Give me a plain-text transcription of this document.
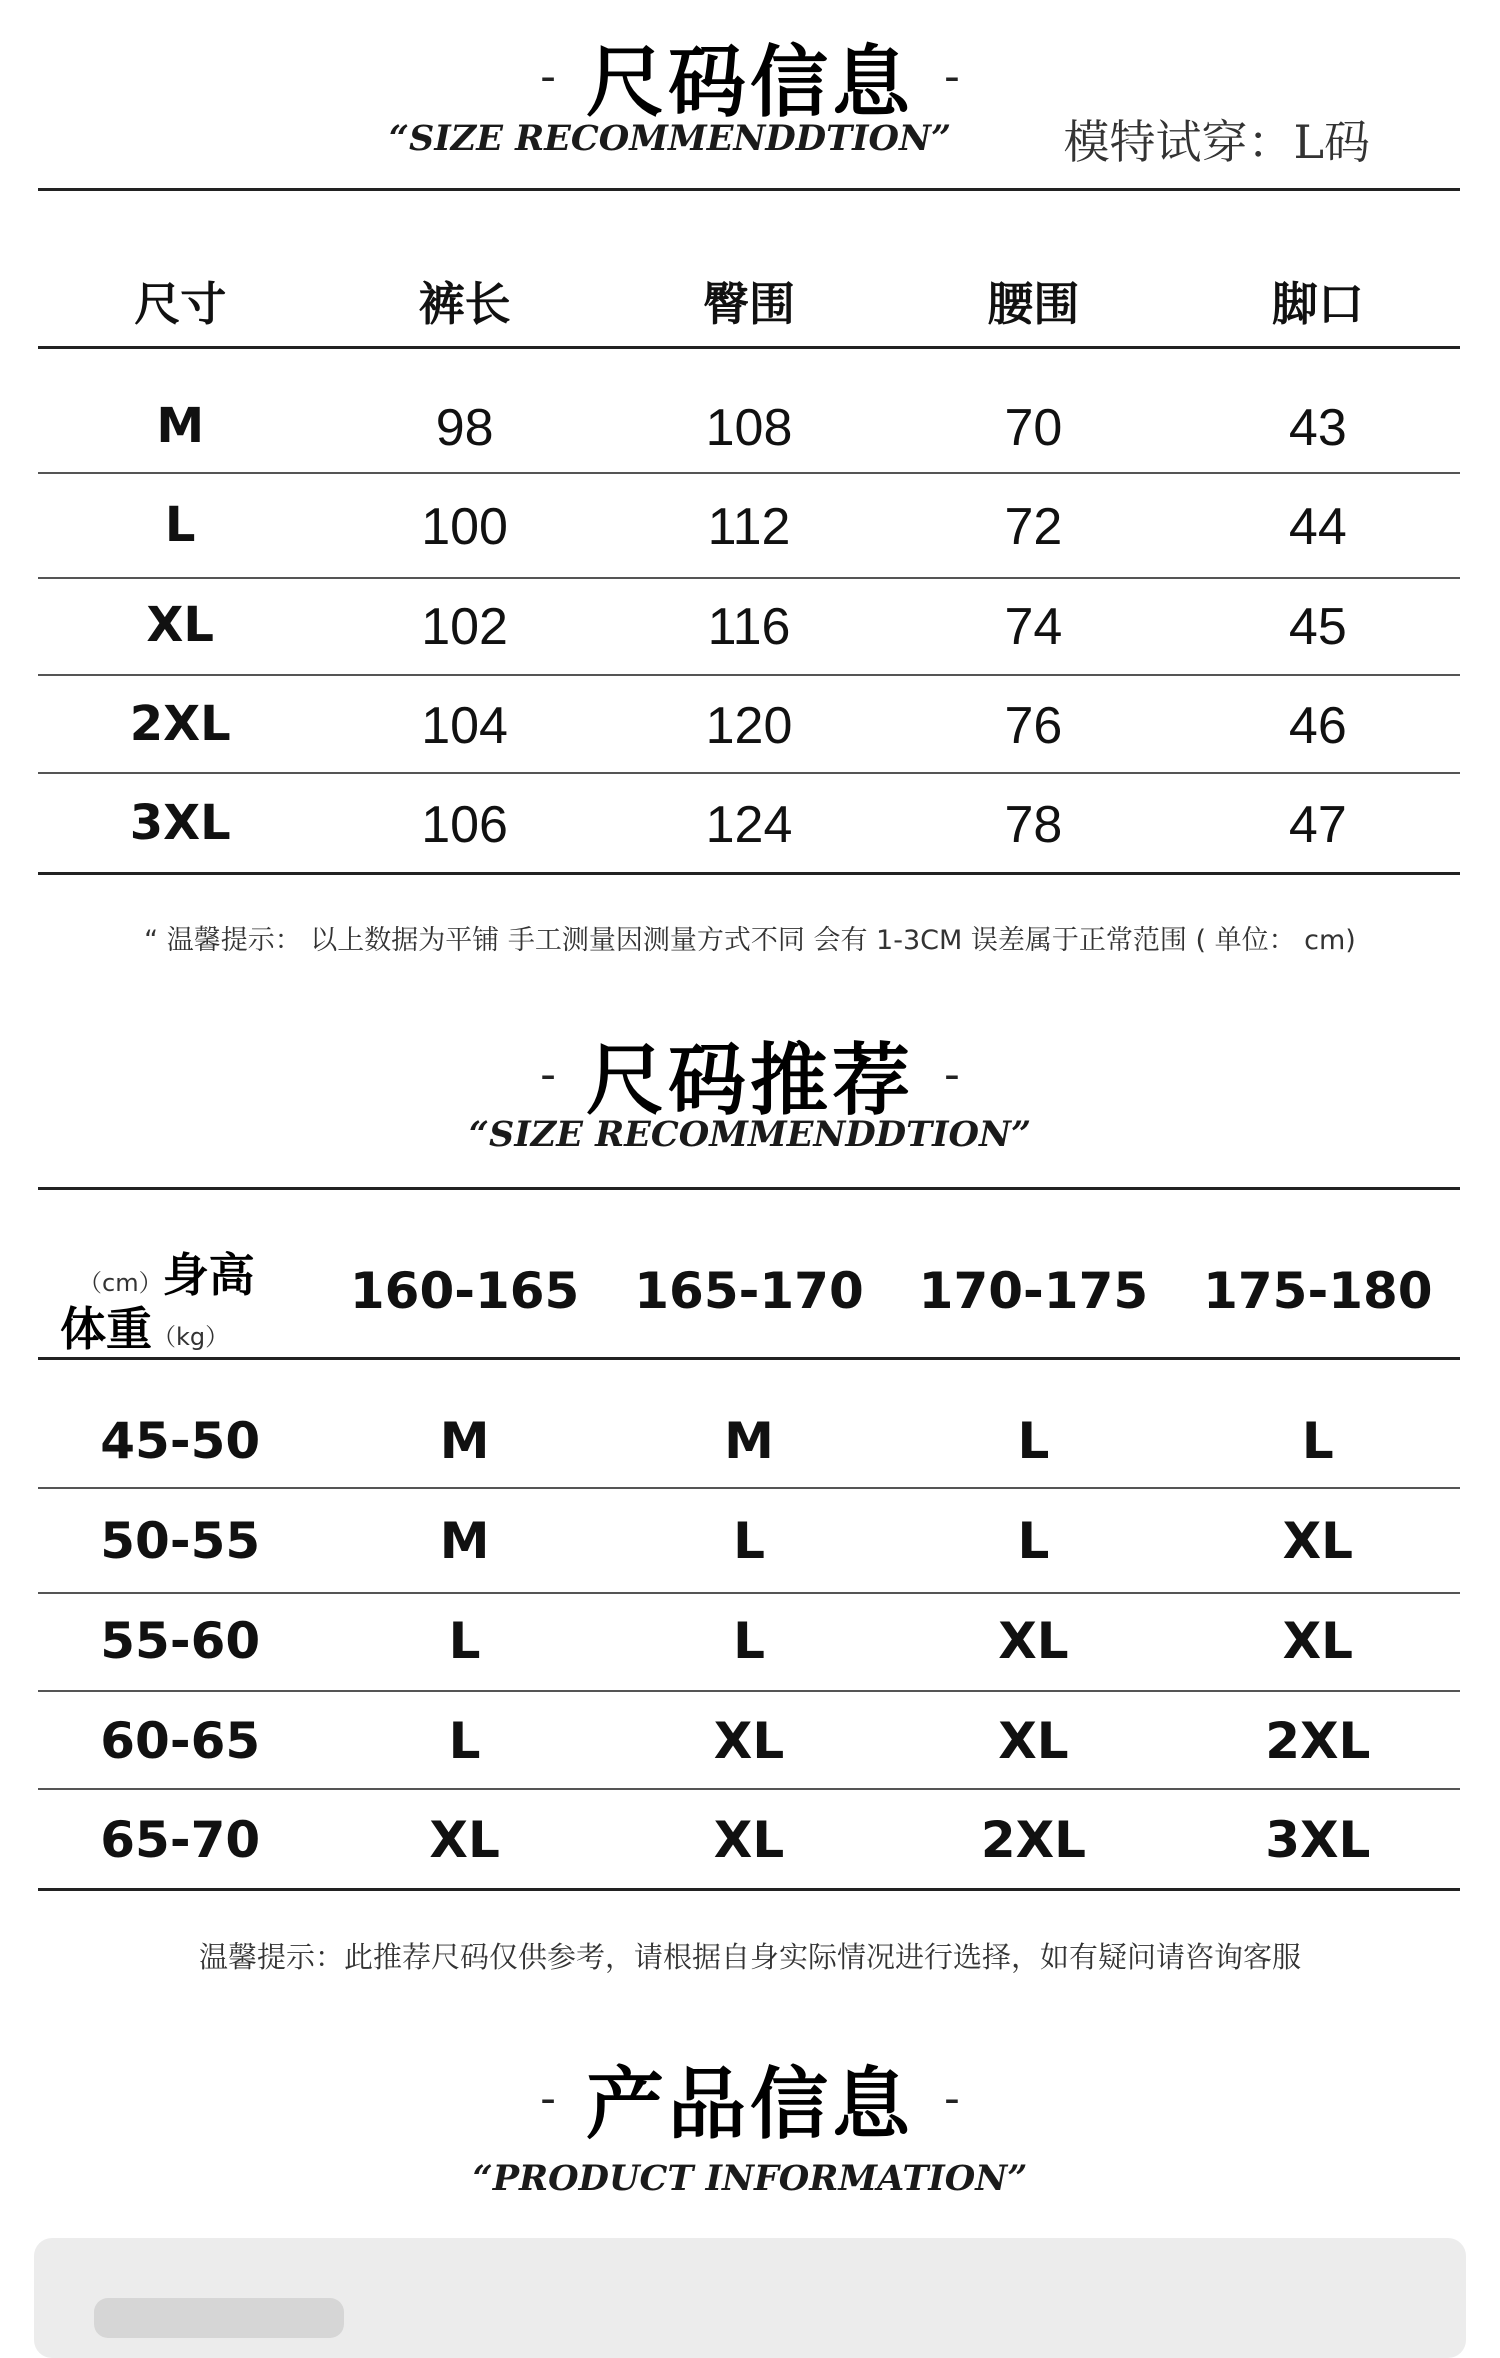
- 尺码信息 -
“SIZE RECOMMENDDTION”	模特试穿：L码
尺寸	裤长	臀围	腰围	脚口
M	98	108	70	43
L	100	112	72	44
XL	102	116	74	45
2XL	104	120	76	46
3XL	106	124	78	47
“ 温馨提示： 以上数据为平铺 手工测量因测量方式不同 会有 1-3CM 误差属于正常范围 ( 单位： cm)
- 尺码推荐 -
“SIZE RECOMMENDDTION”
（cm）身高
体重（kg）
160-165	165-170	170-175	175-180
45-50	M	M	L	L
50-55	M	L	L	XL
55-60	L	L	XL	XL
60-65	L	XL	XL	2XL
65-70	XL	XL	2XL	3XL
温馨提示：此推荐尺码仅供参考，请根据自身实际情况进行选择，如有疑问请咨询客服
- 产品信息 -
“PRODUCT INFORMATION”
